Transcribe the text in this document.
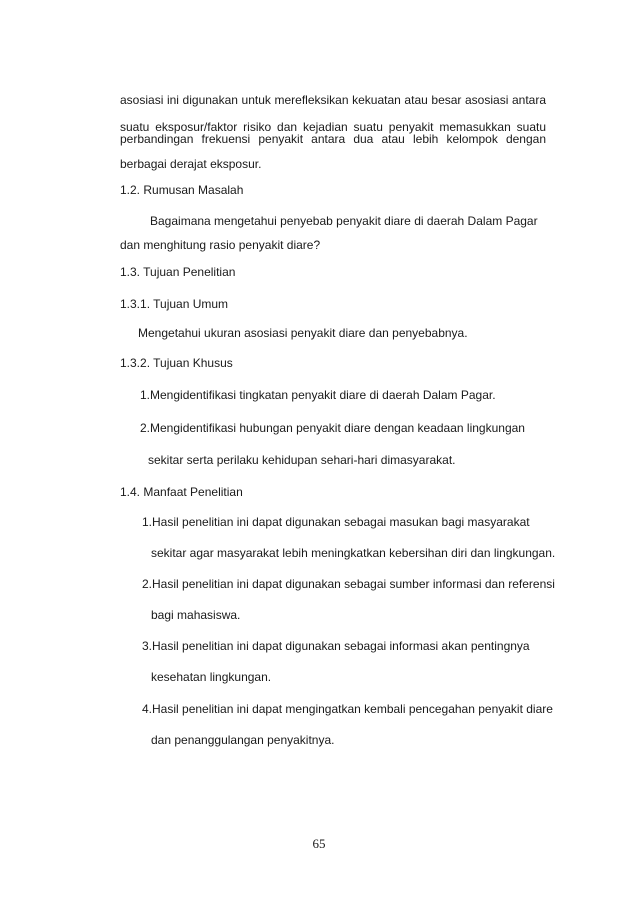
asosiasi ini digunakan untuk merefleksikan kekuatan atau besar asosiasi antara
suatu eksposur/faktor risiko dan kejadian suatu penyakit memasukkan suatu
perbandingan frekuensi penyakit antara dua atau lebih kelompok dengan
berbagai derajat eksposur.
1.2. Rumusan Masalah
Bagaimana mengetahui penyebab penyakit diare di daerah Dalam Pagar
dan menghitung rasio penyakit diare?
1.3. Tujuan Penelitian
1.3.1. Tujuan Umum
Mengetahui ukuran asosiasi penyakit diare dan penyebabnya.
1.3.2. Tujuan Khusus
1.Mengidentifikasi tingkatan penyakit diare di daerah Dalam Pagar.
2.Mengidentifikasi hubungan penyakit diare dengan keadaan lingkungan
sekitar serta perilaku kehidupan sehari-hari dimasyarakat.
1.4. Manfaat Penelitian
1.Hasil penelitian ini dapat digunakan sebagai masukan bagi masyarakat
sekitar agar masyarakat lebih meningkatkan kebersihan diri dan lingkungan.
2.Hasil penelitian ini dapat digunakan sebagai sumber informasi dan referensi
bagi mahasiswa.
3.Hasil penelitian ini dapat digunakan sebagai informasi akan pentingnya
kesehatan lingkungan.
4.Hasil penelitian ini dapat mengingatkan kembali pencegahan penyakit diare
dan penanggulangan penyakitnya.
65
